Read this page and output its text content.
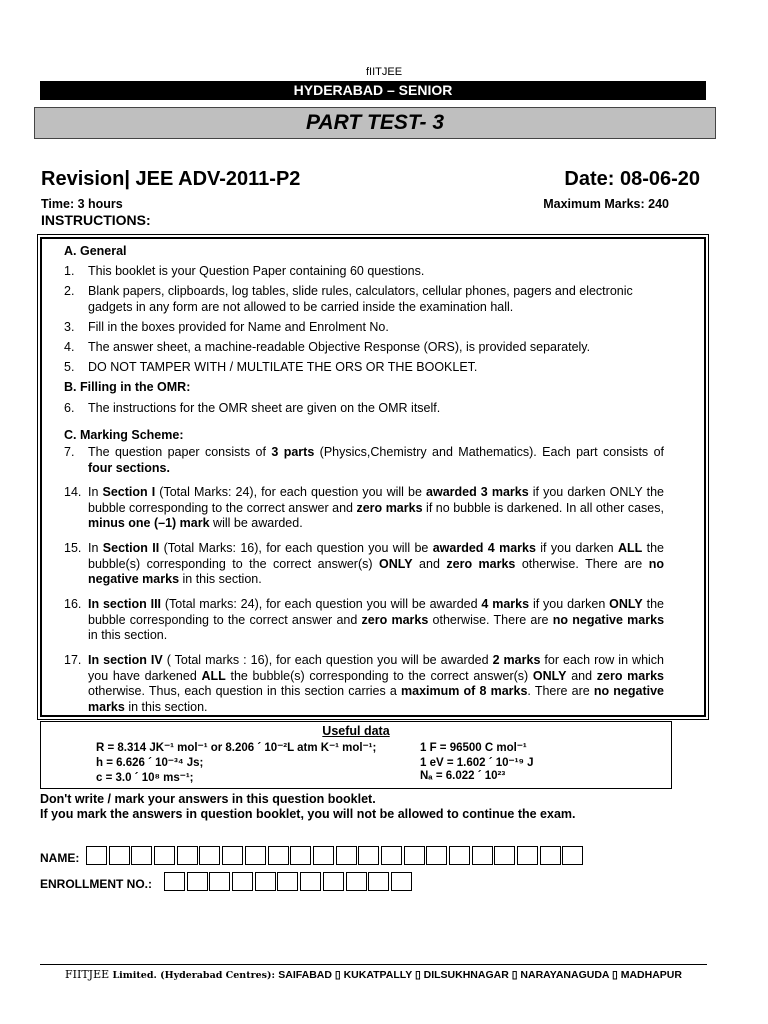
fIITJEE
HYDERABAD – SENIOR
PART TEST- 3
Revision| JEE ADV-2011-P2	Date: 08-06-20
Time: 3 hours	Maximum Marks: 240
INSTRUCTIONS:
A. General
1. This booklet is your Question Paper containing 60 questions.
2. Blank papers, clipboards, log tables, slide rules, calculators, cellular phones, pagers and electronic gadgets in any form are not allowed to be carried inside the examination hall.
3. Fill in the boxes provided for Name and Enrolment No.
4. The answer sheet, a machine-readable Objective Response (ORS), is provided separately.
5. DO NOT TAMPER WITH / MULTILATE THE ORS OR THE BOOKLET.
B. Filling in the OMR:
6. The instructions for the OMR sheet are given on the OMR itself.
C. Marking Scheme:
7. The question paper consists of 3 parts (Physics,Chemistry and Mathematics). Each part consists of four sections.
14. In Section I (Total Marks: 24), for each question you will be awarded 3 marks if you darken ONLY the bubble corresponding to the correct answer and zero marks if no bubble is darkened. In all other cases, minus one (–1) mark will be awarded.
15. In Section II (Total Marks: 16), for each question you will be awarded 4 marks if you darken ALL the bubble(s) corresponding to the correct answer(s) ONLY and zero marks otherwise. There are no negative marks in this section.
16. In section III (Total marks: 24), for each question you will be awarded 4 marks if you darken ONLY the bubble corresponding to the correct answer and zero marks otherwise. There are no negative marks in this section.
17. In section IV ( Total marks : 16), for each question you will be awarded 2 marks for each row in which you have darkened ALL the bubble(s) corresponding to the correct answer(s) ONLY and zero marks otherwise. Thus, each question in this section carries a maximum of 8 marks. There are no negative marks in this section.
Useful data
R = 8.314 JK⁻¹ mol⁻¹ or 8.206 ´ 10⁻²L atm K⁻¹ mol⁻¹;	1 F = 96500 C mol⁻¹
h = 6.626 ´ 10⁻³⁴ Js;	1 eV = 1.602 ´ 10⁻¹⁹ J
c = 3.0 ´ 10⁸ ms⁻¹;	Nₐ = 6.022 ´ 10²³
Don't write / mark your answers in this question booklet.
If you mark the answers in question booklet, you will not be allowed to continue the exam.
NAME:
ENROLLMENT NO.:
FIITJEE Limited. (Hyderabad Centres): SAIFABAD ▯ KUKATPALLY ▯ DILSUKHNAGAR ▯ NARAYANAGUDA ▯ MADHAPUR
